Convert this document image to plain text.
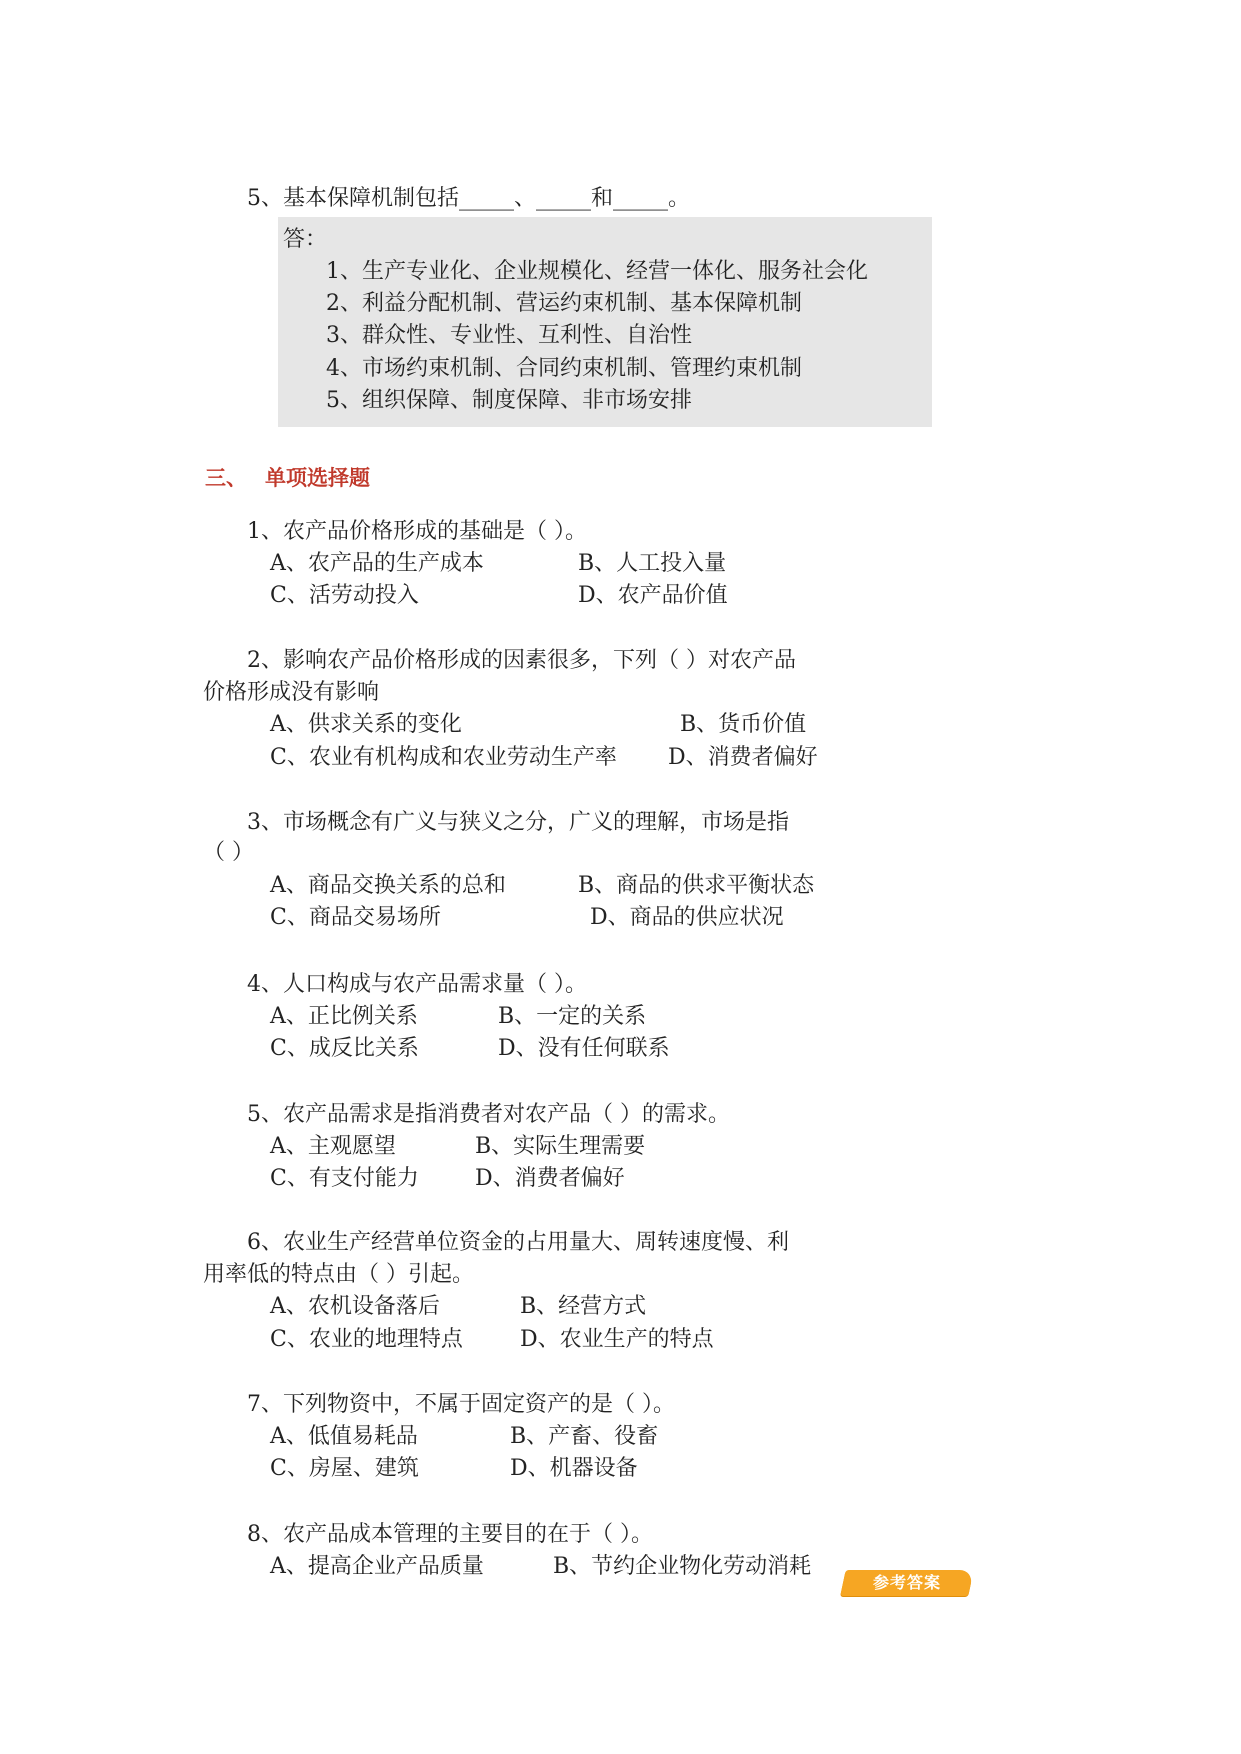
5、基本保障机制包括_____、_____和_____。
答：
1、生产专业化、企业规模化、经营一体化、服务社会化
2、利益分配机制、营运约束机制、基本保障机制
3、群众性、专业性、互利性、自治性
4、市场约束机制、合同约束机制、管理约束机制
5、组织保障、制度保障、非市场安排
三、 单项选择题
1、农产品价格形成的基础是（ ）。
A、农产品的生产成本	B、人工投入量
C、活劳动投入	D、农产品价值
2、影响农产品价格形成的因素很多，下列（ ）对农产品
价格形成没有影响
A、供求关系的变化	B、货币价值
C、农业有机构成和农业劳动生产率 D、消费者偏好
3、市场概念有广义与狭义之分，广义的理解，市场是指
（ ）
A、商品交换关系的总和	B、商品的供求平衡状态
C、商品交易场所	D、商品的供应状况
4、人口构成与农产品需求量（ ）。
A、正比例关系	B、一定的关系
C、成反比关系	D、没有任何联系
5、农产品需求是指消费者对农产品（ ）的需求。
A、主观愿望	B、实际生理需要
C、有支付能力	D、消费者偏好
6、农业生产经营单位资金的占用量大、周转速度慢、利
用率低的特点由（ ）引起。
A、农机设备落后	B、经营方式
C、农业的地理特点	D、农业生产的特点
7、下列物资中，不属于固定资产的是（ ）。
A、低值易耗品	B、产畜、役畜
C、房屋、建筑	D、机器设备
8、农产品成本管理的主要目的在于（ ）。
A、提高企业产品质量	B、节约企业物化劳动消耗
参考答案
